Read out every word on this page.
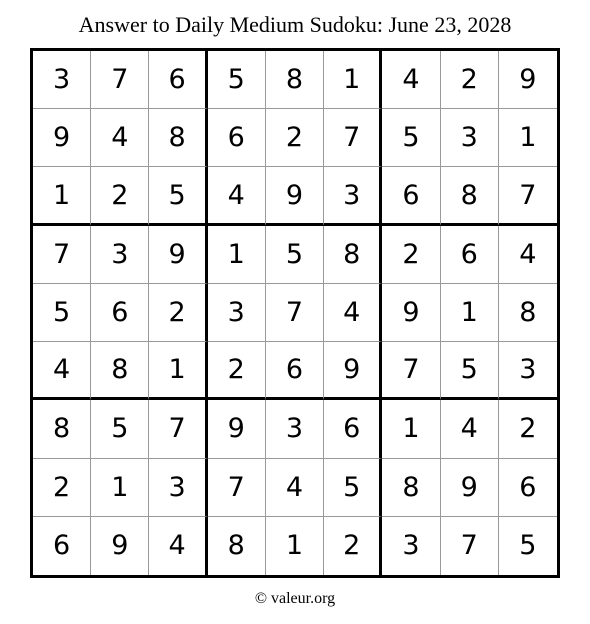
Answer to Daily Medium Sudoku: June 23, 2028
3	7	6	5	8	1	4	2	9
9	4	8	6	2	7	5	3	1
1	2	5	4	9	3	6	8	7
7	3	9	1	5	8	2	6	4
5	6	2	3	7	4	9	1	8
4	8	1	2	6	9	7	5	3
8	5	7	9	3	6	1	4	2
2	1	3	7	4	5	8	9	6
6	9	4	8	1	2	3	7	5
© valeur.org
